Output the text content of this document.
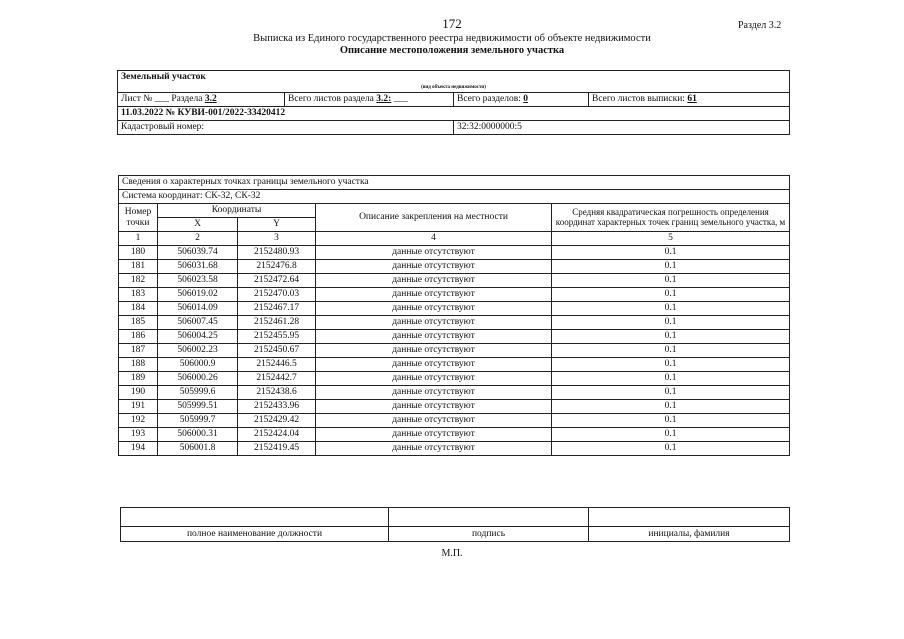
172	Раздел 3.2
Выписка из Единого государственного реестра недвижимости об объекте недвижимости
Описание местоположения земельного участка
Земельный участок			
(вид объекта недвижимости)			
Лист № ___ Раздела 3.2	Всего листов раздела 3.2: ___	Всего разделов: 0	Всего листов выписки: 61
11.03.2022 № КУВИ-001/2022-33420412			
Кадастровый номер:		32:32:0000000:5	
Сведения о характерных точках границы земельного участка				
Система координат: СК-32, СК-32				
Номер точки	Координаты		Описание закрепления на местности	Средняя квадратическая погрешность определения координат характерных точек границ земельного участка, м
	X	Y		
1	2	3	4	5
180	506039.74	2152480.93	данные отсутствуют	0.1
181	506031.68	2152476.8	данные отсутствуют	0.1
182	506023.58	2152472.64	данные отсутствуют	0.1
183	506019.02	2152470.03	данные отсутствуют	0.1
184	506014.09	2152467.17	данные отсутствуют	0.1
185	506007.45	2152461.28	данные отсутствуют	0.1
186	506004.25	2152455.95	данные отсутствуют	0.1
187	506002.23	2152450.67	данные отсутствуют	0.1
188	506000.9	2152446.5	данные отсутствуют	0.1
189	506000.26	2152442.7	данные отсутствуют	0.1
190	505999.6	2152438.6	данные отсутствуют	0.1
191	505999.51	2152433.96	данные отсутствуют	0.1
192	505999.7	2152429.42	данные отсутствуют	0.1
193	506000.31	2152424.04	данные отсутствуют	0.1
194	506001.8	2152419.45	данные отсутствуют	0.1

полное наименование должности	подпись	инициалы, фамилия
М.П.
